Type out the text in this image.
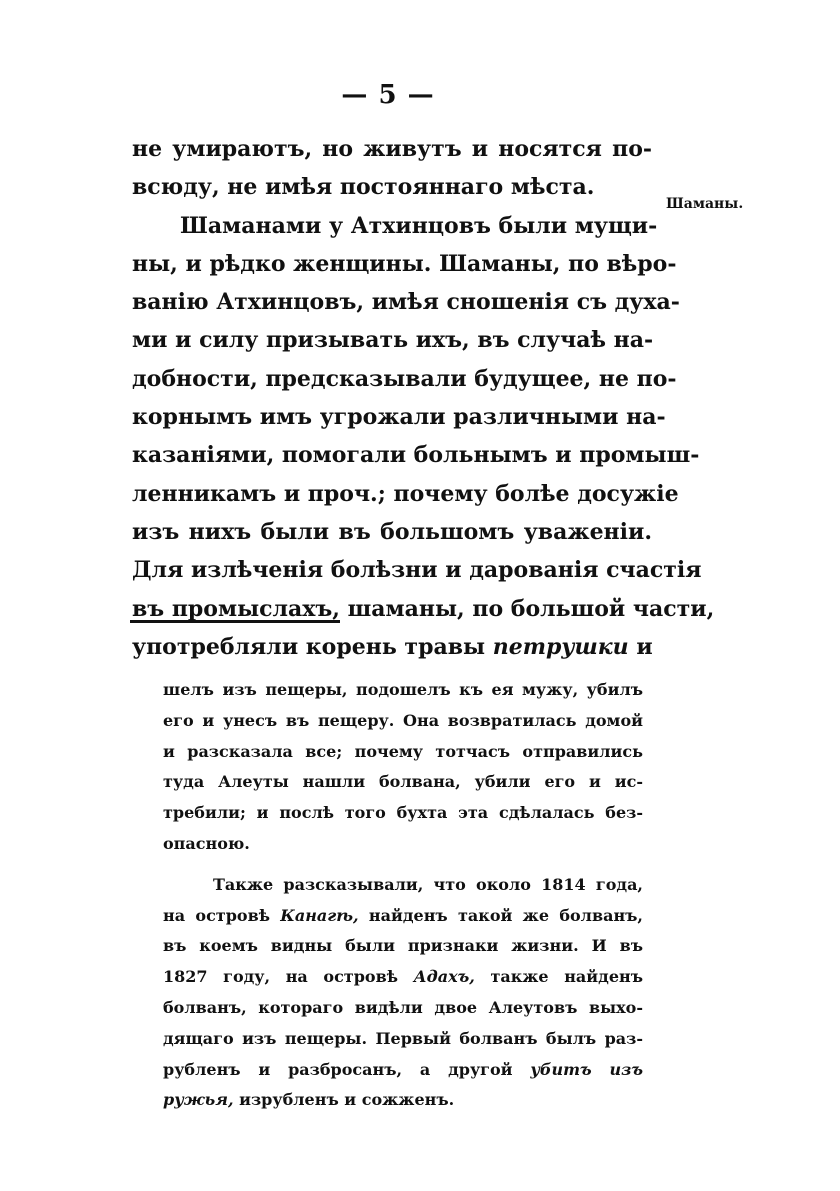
— 5 —
Шаманы.

не умираютъ, но живутъ и носятся по-
всюду, не имѣя постояннаго мѣста.

Шаманами у Атхинцовъ были мущи-
ны, и рѣдко женщины. Шаманы, по вѣро-
ванію Атхинцовъ, имѣя сношенія съ духа-
ми и силу призывать ихъ, въ случаѣ на-
добности, предсказывали будущее, не по-
корнымъ имъ угрожали различными на-
казаніями, помогали больнымъ и промыш-
ленникамъ и проч.; почему болѣе досужіе
изъ нихъ были въ большомъ уваженіи.
Для излѣченія болѣзни и дарованія счастія
въ промыслахъ, шаманы, по большой части,
употребляли корень травы петрушки и

шелъ изъ пещеры, подошелъ къ ея мужу, убилъ
его и унесъ въ пещеру. Она возвратилась домой
и разсказала все; почему тотчасъ отправились
туда Алеуты нашли болвана, убили его и ис-
требили; и послѣ того бухта эта сдѣлалась без-
опасною.
Также разсказывали, что около 1814 года,
на островѣ Канагѣ, найденъ такой же болванъ,
въ коемъ видны были признаки жизни. И въ
1827 году, на островѣ Адахъ, также найденъ
болванъ, котораго видѣли двое Алеутовъ выхо-
дящаго изъ пещеры. Первый болванъ былъ раз-
рубленъ и разбросанъ, а другой убитъ изъ
ружья, изрубленъ и сожженъ.
